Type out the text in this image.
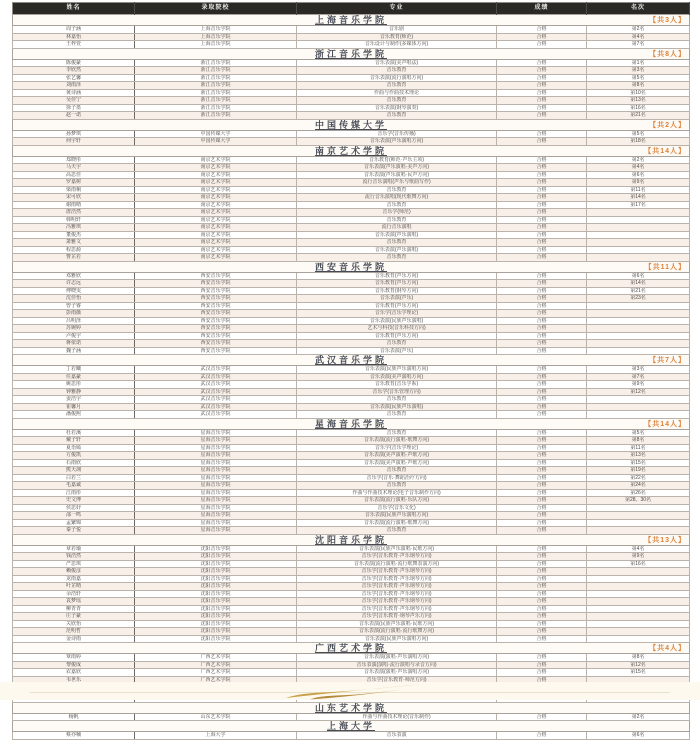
姓名	录取院校	专业	成绩	名次
上海音乐学院 【共3人】				

周子涵	上海音乐学院	音乐剧	合格	第2名
林嘉怡	上海音乐学院	音乐教育(师范)	合格	第4名
王梓萱	上海音乐学院	音乐设计与制作(多媒体方向)	合格	第7名
浙江音乐学院 【共8人】				

陈俊豪	浙江音乐学院	音乐表演(美声唱法)	合格	第1名
李欣然	浙江音乐学院	音乐教育	合格	第3名
张艺馨	浙江音乐学院	音乐表演(流行演唱方向)	合格	第5名
刘雨泽	浙江音乐学院	音乐教育	合格	第8名
黄诗涵	浙江音乐学院	作曲与作曲技术理论	合格	第10名
吴佳宁	浙江音乐学院	音乐教育	合格	第13名
徐子墨	浙江音乐学院	音乐表演(钢琴演奏)	合格	第16名
赵一诺	浙江音乐学院	音乐教育	合格	第21名
中国传媒大学 【共2人】				

孙梦琪	中国传媒大学	音乐学(音乐传播)	合格	第5名
何宇轩	中国传媒大学	音乐表演(声乐演唱方向)	合格	第18名
南京艺术学院 【共14人】				

郑晓彤	南京艺术学院	音乐教育(师范·声乐主项)	合格	第2名
马天宇	南京艺术学院	音乐表演(声乐演唱·美声方向)	合格	第4名
高思佳	南京艺术学院	音乐表演(声乐演唱·民声方向)	合格	第6名
罗嘉树	南京艺术学院	流行音乐演唱(声乐与歌曲写作)	合格	第9名
梁雨桐	南京艺术学院	音乐教育	合格	第11名
宋可欣	南京艺术学院	流行音乐演唱(现代歌舞方向)	合格	第14名
谢雨晴	南京艺术学院	音乐教育	合格	第17名
唐浩然	南京艺术学院	音乐学(师范)	合格	
韩明轩	南京艺术学院	音乐教育	合格	
冯雅琪	南京艺术学院	流行音乐演唱	合格	
董俊杰	南京艺术学院	音乐表演(声乐演唱)	合格	
萧雅文	南京艺术学院	音乐教育	合格	
程思源	南京艺术学院	音乐表演(声乐演唱)	合格	
曹芷若	南京艺术学院	音乐教育	合格	
西安音乐学院 【共11人】				

邓雅欣	西安音乐学院	音乐教育(声乐方向)	合格	第6名
许志远	西安音乐学院	音乐教育(声乐方向)	合格	第14名
傅晓雯	西安音乐学院	音乐教育(钢琴方向)	合格	第21名
沈佳怡	西安音乐学院	音乐表演(声乐)	合格	第23名
曾子睿	西安音乐学院	音乐教育(声乐方向)	合格	
彭雨薇	西安音乐学院	音乐学(音乐学理论)	合格	
吕明泽	西安音乐学院	音乐表演(民族声乐演唱)	合格	
苏婉婷	西安音乐学院	艺术与科技(音乐科技方向)	合格	
卢俊宇	西安音乐学院	音乐教育(声乐方向)	合格	
蒋依诺	西安音乐学院	音乐教育	合格	
魏子涵	西安音乐学院	音乐表演(声乐)	合格	
武汉音乐学院 【共7人】				

丁若曦	武汉音乐学院	音乐表演(民族声乐演唱方向)	合格	第3名
任嘉豪	武汉音乐学院	音乐表演(美声演唱方向)	合格	第7名
姚思彤	武汉音乐学院	音乐教育(音乐学系)	合格	第9名
钟雅静	武汉音乐学院	音乐学(音乐管理方向)	合格	第12名
姜浩宇	武汉音乐学院	音乐教育	合格	
崔馨月	武汉音乐学院	音乐表演(民族声乐演唱)	合格	
潘俊熙	武汉音乐学院	音乐教育	合格	
星海音乐学院 【共14人】				

杜若溪	星海音乐学院	音乐教育	合格	第5名
戴子轩	星海音乐学院	音乐表演(流行演唱·歌舞方向)	合格	第8名
夏语嫣	星海音乐学院	音乐学(音乐学理论)	合格	第11名
方俊凯	星海音乐学院	音乐表演(美声演唱·声歌方向)	合格	第13名
石雨欣	星海音乐学院	音乐表演(美声演唱·声歌方向)	合格	第15名
熊天翊	星海音乐学院	音乐教育	合格	第19名
白若兰	星海音乐学院	音乐学(音乐·舞蹈治疗方向)	合格	第22名
毛嘉诚	星海音乐学院	音乐教育	合格	第24名
江雨彤	星海音乐学院	作曲与作曲技术理论(电子音乐制作方向)	合格	第26名
史文博	星海音乐学院	音乐表演(流行演唱·乐队方向)	合格	第28、30名
侯思妤	星海音乐学院	音乐学(音乐文化)	合格	
邵一鸣	星海音乐学院	音乐表演(民族声乐演唱方向)	合格	
孟繁锦	星海音乐学院	音乐表演(流行演唱·歌舞方向)	合格	
秦子悦	星海音乐学院	音乐教育	合格	
沈阳音乐学院 【共13人】				

章若瑜	沈阳音乐学院	音乐表演(民族声乐演唱·民歌方向)	合格	第4名
钱浩然	沈阳音乐学院	音乐学(音乐教育·声乐钢琴方向)	合格	第9名
严思琪	沈阳音乐学院	音乐表演(流行演唱·流行歌舞表演方向)	合格	第16名
赖俊彦	沈阳音乐学院	音乐学(音乐教育·声乐钢琴方向)	合格	
龙雨嘉	沈阳音乐学院	音乐学(音乐教育·声乐钢琴方向)	合格	
叶芷晴	沈阳音乐学院	音乐学(音乐教育·声乐钢琴方向)	合格	
余浩轩	沈阳音乐学院	音乐学(音乐教育·声乐钢琴方向)	合格	
袁梦瑶	沈阳音乐学院	音乐学(音乐教育·声乐钢琴方向)	合格	
柳青青	沈阳音乐学院	音乐学(音乐教育·声乐钢琴方向)	合格	
庄子豪	沈阳音乐学院	音乐学(音乐教育·钢琴声乐方向)	合格	
关欣怡	沈阳音乐学院	音乐表演(民族声乐演唱·民歌方向)	合格	
范明哲	沈阳音乐学院	音乐表演(流行演唱·流行歌舞方向)	合格	
金诗雨	沈阳音乐学院	音乐表演(民族声乐演唱方向)	合格	
广西艺术学院 【共4人】				

覃雨婷	广西艺术学院	音乐表演(演唱·声乐演唱方向)	合格	第8名
黎俊成	广西艺术学院	音乐表演(演唱·流行演唱与录音方向)	合格	第12名
农嘉欣	广西艺术学院	音乐表演(演唱·声乐演唱方向)	合格	第15名
韦世乐	广西艺术学院	音乐学(音乐教育·师范方向)	合格	

山东艺术学院				
杨帆	山东艺术学院	作曲与作曲技术理论(音乐制作)	合格	第2名
上海大学				
蔡亦楠	上海大学	音乐表演	合格	第6名
